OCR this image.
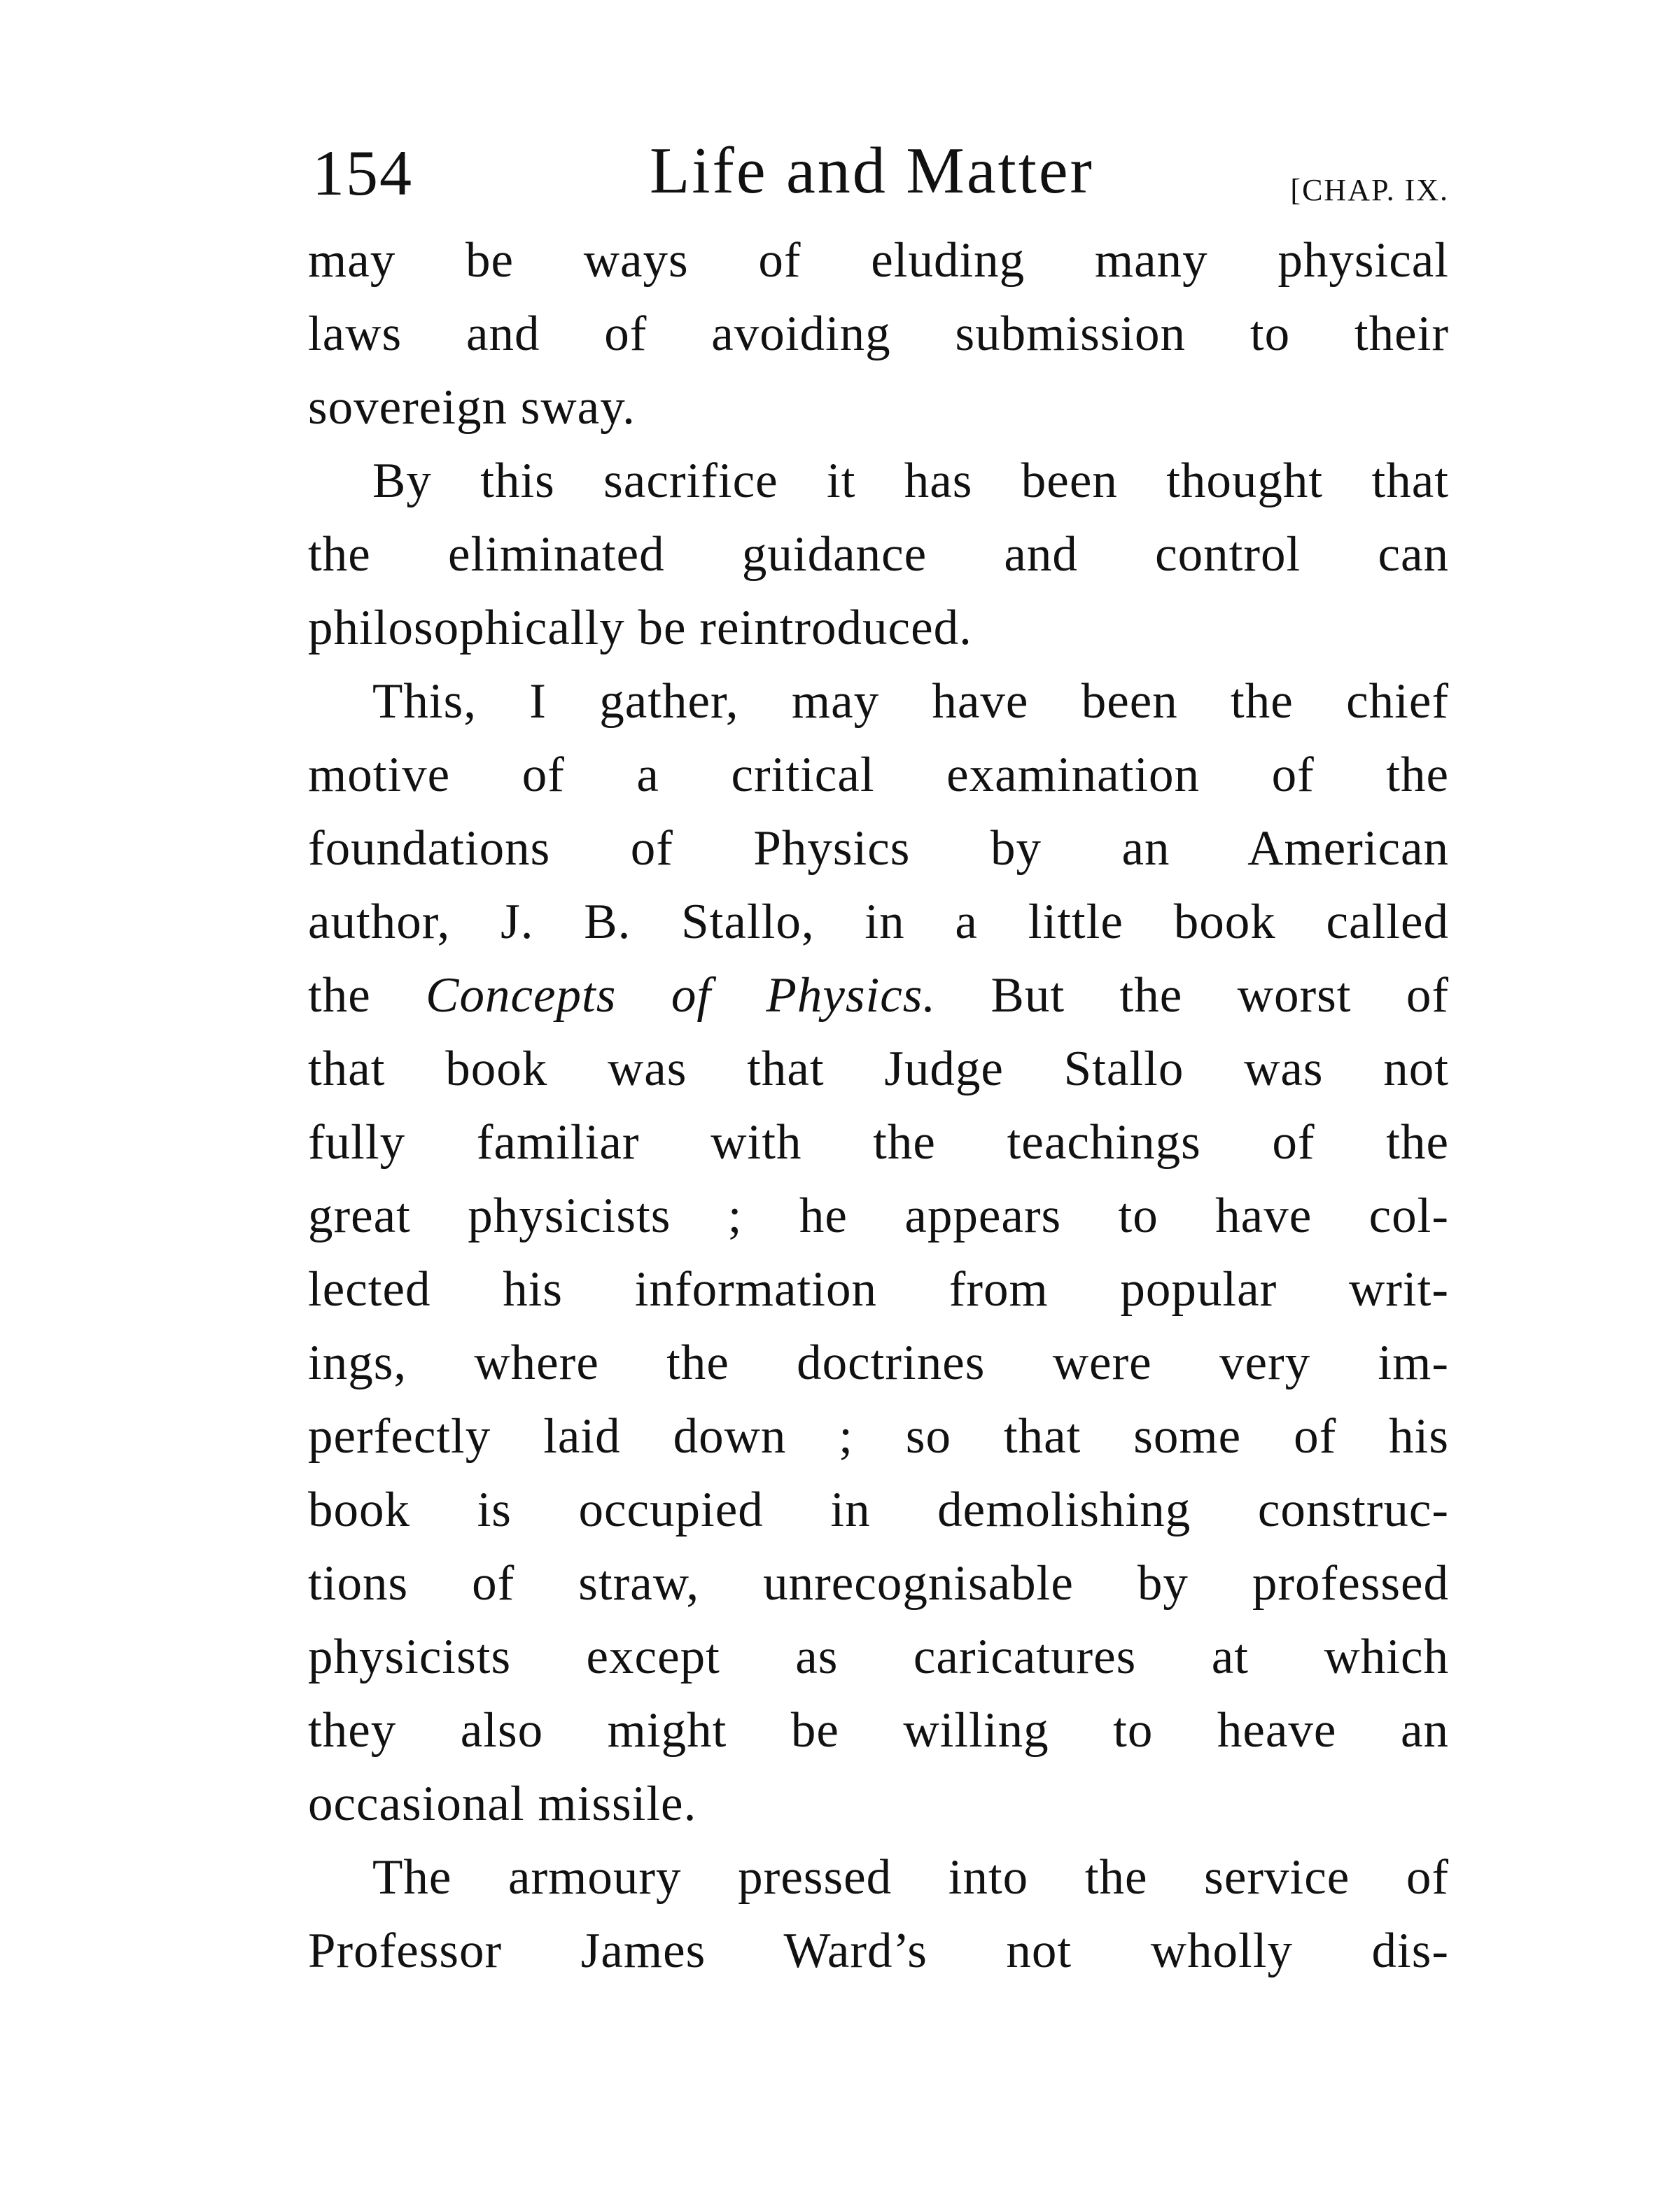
154	Life and Matter	[CHAP. IX.
may be ways of eluding many physical
laws and of avoiding submission to their
sovereign sway.
By this sacrifice it has been thought that
the eliminated guidance and control can
philosophically be reintroduced.
This, I gather, may have been the chief
motive of a critical examination of the
foundations of Physics by an American
author, J. B. Stallo, in a little book called
the Concepts of Physics. But the worst of
that book was that Judge Stallo was not
fully familiar with the teachings of the
great physicists ; he appears to have col-
lected his information from popular writ-
ings, where the doctrines were very im-
perfectly laid down ; so that some of his
book is occupied in demolishing construc-
tions of straw, unrecognisable by professed
physicists except as caricatures at which
they also might be willing to heave an
occasional missile.
The armoury pressed into the service of
Professor James Ward’s not wholly dis-
